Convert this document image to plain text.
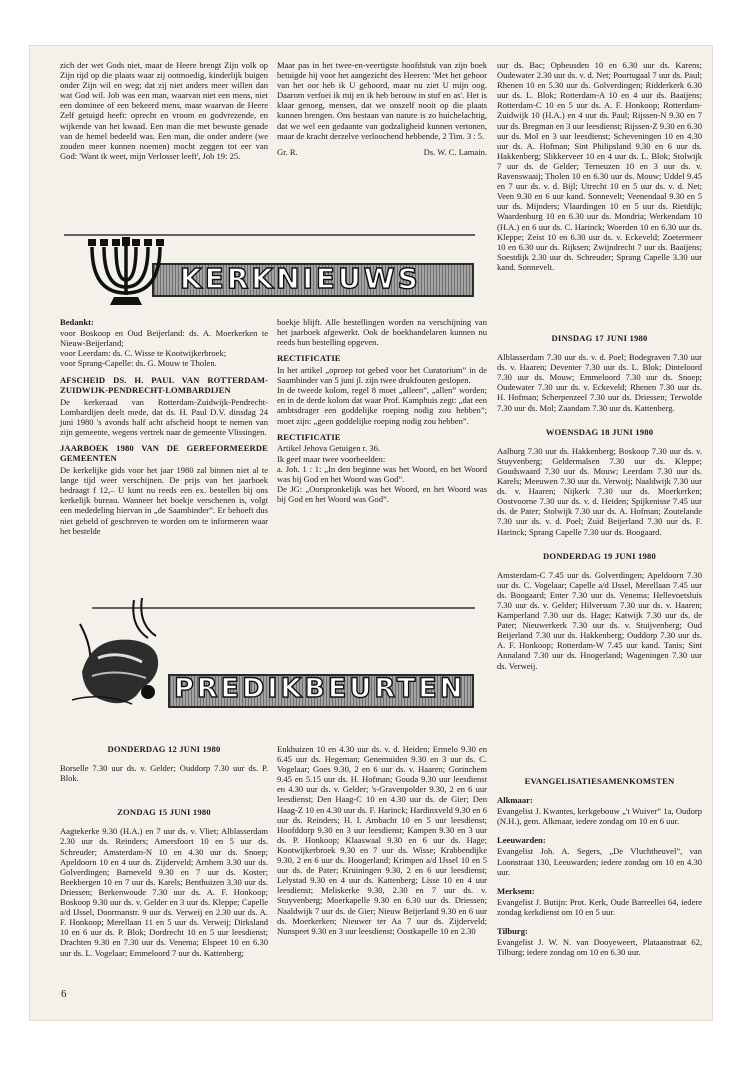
zich der wet Gods niet, maar de Heere brengt Zijn volk op Zijn tijd op die plaats waar zij ootmoedig, kinderlijk buigen onder Zijn wil en weg; dat zij niet anders meer willen dan wat God wil. Job was een man, waarvan niet een mens, niet een dominee of een bekeerd mens, maar waarvan de Heere Zelf getuigd heeft: oprecht en vroom en godvrezende, en wijkende van het kwaad. Een man die met bewuste genade van de hemel bedeeld was. Een man, die onder andere (we zouden meer kunnen noemen) mocht zeggen tot eer van God: 'Want ik weet, mijn Verlosser leeft', Job 19: 25.

Maar pas in het twee-en-veertigste hoofdstuk van zijn boek betuigde hij voor het aangezicht des Heeren: 'Met het gehoor van het oor heb ik U gehoord, maar nu ziet U mijn oog. Daarom verfoei ik mij en ik heb berouw in stof en as'. Het is klaar genoeg, mensen, dat we onszelf nooit op die plaats kunnen brengen. Ons bestaan van nature is zo huichelachtig, dat we wel een gedaante van godzaligheid kunnen vertonen, maar de kracht derzelve verloochend hebbende, 2 Tim. 3 : 5.

Gr. R.	Ds. W. C. Lamain.

uur ds. Bac; Opheusden 10 en 6.30 uur ds. Karens; Oudewater 2.30 uur ds. v. d. Net; Poortugaal 7 uur ds. Paul; Rhenen 10 en 5.30 uur ds. Golverdingen; Ridderkerk 6.30 uur ds. L. Blok; Rotterdam-A 10 en 4 uur ds. Baaijens; Rotterdam-C 10 en 5 uur ds. A. F. Honkoop; Rotterdam-Zuidwijk 10 (H.A.) en 4 uur ds. Paul; Rijssen-N 9.30 en 7 uur ds. Bregman en 3 uur leesdienst; Rijssen-Z 9.30 en 6.30 uur ds. Mol en 3 uur leesdienst; Scheveningen 10 en 4.30 uur ds. A. Hofman; Sint Philipsland 9.30 en 6 uur ds. Hakkenberg; Slikkerveer 10 en 4 uur ds. L. Blok; Stolwijk 7 uur ds. de Gelder; Terneuzen 10 en 3 uur ds. v. Ravenswaaij; Tholen 10 en 6.30 uur ds. Mouw; Uddel 9.45 en 7 uur ds. v. d. Bijl; Utrecht 10 en 5 uur ds. v. d. Net; Veen 9.30 en 6 uur kand. Sonnevelt; Veenendaal 9.30 en 5 uur ds. Mijnders; Vlaardingen 10 en 5 uur ds. Rietdijk; Waardenburg 10 en 6.30 uur ds. Mondria; Werkendam 10 (H.A.) en 6 uur ds. C. Harinck; Woerden 10 en 6.30 uur ds. Kleppe; Zeist 10 en 6.30 uur ds. v. Eckeveld; Zoetermeer 10 en 6.30 uur ds. Rijksen; Zwijndrecht 7 uur ds. Baaijens; Soestdijk 2.30 uur ds. Schreuder; Sprang Capelle 3.30 uur kand. Sonnevelt.

KERKNIEUWS

Bedankt:
voor Boskoop en Oud Beijerland: ds. A. Moerkerken te Nieuw-Beijerland;
voor Leerdam: ds. C. Wisse te Kootwijkerbroek;
voor Sprang-Capelle: ds. G. Mouw te Tholen.

AFSCHEID DS. H. PAUL VAN ROTTERDAM-ZUIDWIJK-PENDRECHT-LOMBARDIJEN

De kerkeraad van Rotterdam-Zuidwijk-Pendrecht-Lombardijen deelt mede, dat ds. H. Paul D.V. dinsdag 24 juni 1980 's avonds half acht afscheid hoopt te nemen van zijn gemeente, wegens vertrek naar de gemeente Vlissingen.

JAARBOEK 1980 VAN DE GEREFORMEERDE GEMEENTEN

De kerkelijke gids voor het jaar 1980 zal binnen niet al te lange tijd weer verschijnen. De prijs van het jaarboek bedraagt f 12,– U kunt nu reeds een ex. bestellen bij ons kerkelijk bureau. Wanneer het boekje verschenen is, volgt een mededeling hiervan in „de Saambinder”. Er behoeft dus niet gebeld of geschreven te worden om te informeren waar het bestelde

boekje blijft. Alle bestellingen worden na verschijning van het jaarboek afgewerkt. Ook de boekhandelaren kunnen nu reeds hun bestelling opgeven.

RECTIFICATIE

In het artikel „oproep tot gebed voor het Curatorium” in de Saambinder van 5 juni jl. zijn twee drukfouten geslopen.

In de tweede kolom, regel 8 moet „alleen”, „allen” worden; en in de derde kolom dat waar Prof. Kamphuis zegt: „dat een ambtsdrager een goddelijke roeping nodig zou hebben”; moet zijn: „geen goddelijke roeping nodig zou hebben”.

RECTIFICATIE

Artikel Jehova Getuigen r. 36.
Ik geef maar twee voorbeelden:
a. Joh. 1 : 1: „In den beginne was het Woord, en het Woord was bij God en het Woord was God”.
De JG: „Oorspronkelijk was het Woord, en het Woord was bij God en het Woord was God”.

DINSDAG 17 JUNI 1980

Alblasserdam 7.30 uur ds. v. d. Poel; Bodegraven 7.30 uur ds. v. Haaren; Deventer 7.30 uur ds. L. Blok; Dinteloord 7.30 uur ds. Mouw; Emmeloord 7.30 uur ds. Snoep; Oudewater 7.30 uur ds. v. Eckeveld; Rhenen 7.30 uur ds. H. Hofman; Scherpenzeel 7.30 uur ds. Driessen; Terwolde 7.30 uur ds. Mol; Zaandam 7.30 uur ds. Kattenberg.

WOENSDAG 18 JUNI 1980

Aalburg 7.30 uur ds. Hakkenberg; Boskoop 7.30 uur ds. v. Stuyvenberg; Geldermalsen 7.30 uur ds. Kleppe; Goudswaard 7.30 uur ds. Mouw; Leerdam 7.30 uur ds. Karels; Meeuwen 7.30 uur ds. Verwoij; Naaldwijk 7.30 uur ds. v. Haaren; Nijkerk 7.30 uur ds. Moerkerken; Oostvoorne 7.30 uur ds. v. d. Heiden; Spijkenisse 7.45 uur ds. de Pater; Stolwijk 7.30 uur ds. A. Hofman; Zoutelande 7.30 uur ds. v. d. Poel; Zuid Beijerland 7.30 uur ds. F. Harinck; Sprang Capelle 7.30 uur ds. Boogaard.

DONDERDAG 19 JUNI 1980

Amsterdam-C 7.45 uur ds. Golverdingen; Apeldoorn 7.30 uur ds. C. Vogelaar; Capelle a/d IJssel, Merellaan 7.45 uur ds. Boogaard; Enter 7.30 uur ds. Venema; Hellevoetsluis 7.30 uur ds. v. Gelder; Hilversum 7.30 uur ds. v. Haaren; Kamperland 7.30 uur ds. Hage; Katwijk 7.30 uur ds. de Pater; Nieuwerkerk 7.30 uur ds. v. Stuijvenberg; Oud Beijerland 7.30 uur ds. Hakkenberg; Ouddorp 7.30 uur ds. A. F. Honkoop; Rotterdam-W 7.45 uur kand. Tanis; Sint Annaland 7.30 uur ds. Hoogerland; Wageningen 7.30 uur ds. Verweij.

PREDIKBEURTEN
DONDERDAG 12 JUNI 1980

Borselle 7.30 uur ds. v. Gelder; Ouddorp 7.30 uur ds. P. Blok.

ZONDAG 15 JUNI 1980

Aagtekerke 9.30 (H.A.) en 7 uur ds. v. Vliet; Alblasserdam 2.30 uur ds. Reinders; Amersfoort 10 en 5 uur ds. Schreuder; Amsterdam-N 10 en 4.30 uur ds. Snoep; Apeldoorn 10 en 4 uur ds. Zijderveld; Arnhem 3.30 uur ds. Golverdingen; Barneveld 9.30 en 7 uur ds. Koster; Beekbergen 10 en 7 uur ds. Karels; Benthuizen 3.30 uur ds. Driessen; Berkenwoude 7.30 uur ds. A. F. Honkoop; Boskoop 9.30 uur ds. v. Gelder en 3 uur ds. Kleppe; Capelle a/d IJssel, Doormanstr. 9 uur ds. Verweij en 2.30 uur ds. A. F. Honkoop; Merellaan 11 en 5 uur ds. Verweij; Dirksland 10 en 6 uur ds. P. Blok; Dordrecht 10 en 5 uur leesdienst; Drachten 9.30 en 7.30 uur ds. Venema; Elspeet 10 en 6.30 uur ds. L. Vogelaar; Emmeloord 7 uur ds. Kattenberg;

Enkhuizen 10 en 4.30 uur ds. v. d. Heiden; Ermelo 9.30 en 6.45 uur ds. Hegeman; Genemuiden 9.30 en 3 uur ds. C. Vogelaar; Goes 9.30, 2 en 6 uur ds. v. Haaren; Gorinchem 9.45 en 5.15 uur ds. H. Hofman; Gouda 9.30 uur leesdienst en 4.30 uur ds. v. Gelder; 's-Gravenpolder 9.30, 2 en 6 uur leesdienst; Den Haag-C 10 en 4.30 uur ds. de Gier; Den Haag-Z 10 en 4.30 uur ds. F. Harinck; Hardinxveld 9.30 en 6 uur ds. Reinders; H. I. Ambacht 10 en 5 uur leesdienst; Hoofddorp 9.30 en 3 uur leesdienst; Kampen 9.30 en 3 uur ds. P. Honkoop; Klaaswaal 9.30 en 6 uur ds. Hage; Kootwijkerbroek 9.30 en 7 uur ds. Wisse; Krabbendijke 9.30, 2 en 6 uur ds. Hoogerland; Krimpen a/d IJssel 10 en 5 uur ds. de Pater; Kruiningen 9.30, 2 en 6 uur leesdienst; Lelystad 9.30 en 4 uur ds. Kattenberg; Lisse 10 en 4 uur leesdienst; Meliskerke 9.30, 2.30 en 7 uur ds. v. Stuyvenberg; Moerkapelle 9.30 en 6.30 uur ds. Driessen; Naaldwijk 7 uur ds. de Gier; Nieuw Beijerland 9.30 en 6 uur ds. Moerkerken; Nieuwer ter Aa 7 uur ds. Zijderveld; Nunspeet 9.30 en 3 uur leesdienst; Oostkapelle 10 en 2.30

EVANGELISATIESAMENKOMSTEN
Alkmaar:

Evangelist J. Kwantes, kerkgebouw „'t Wuiver” 1a, Oudorp (N.H.), gem. Alkmaar, iedere zondag om 10 en 6 uur.

Leeuwarden:

Evangelist Joh. A. Segers, „De Vluchtheuvel”, van Loonstraat 130, Leeuwarden; iedere zondag om 10 en 4.30 uur.

Merksem:

Evangelist J. Butijn: Prot. Kerk, Oude Barreellei 64, iedere zondag kerkdienst om 10 en 5 uur.

Tilburg:

Evangelist J. W. N. van Dooyeweert, Plataanstraat 62, Tilburg; iedere zondag om 10 en 6.30 uur.

6
